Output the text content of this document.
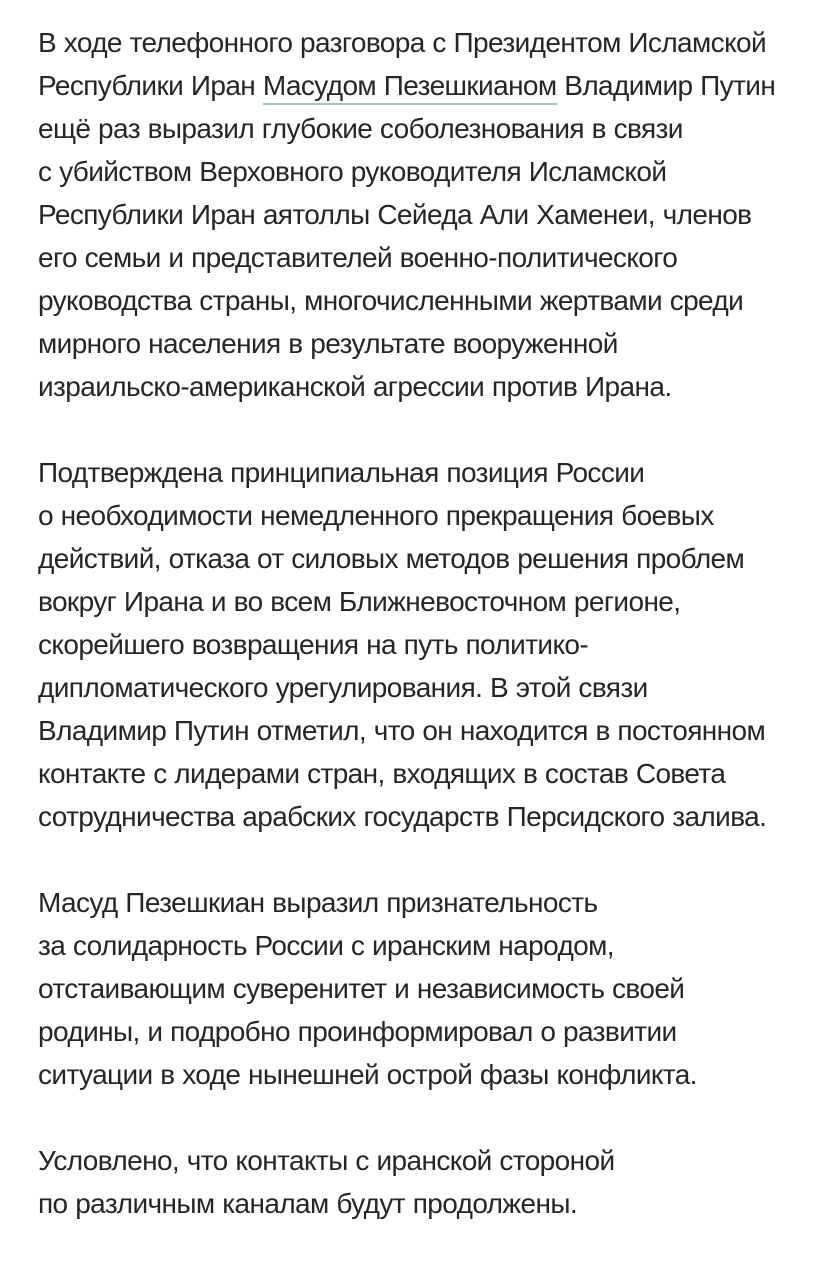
В ходе телефонного разговора с Президентом Исламской
Республики Иран Масудом Пезешкианом Владимир Путин
ещё раз выразил глубокие соболезнования в связи
с убийством Верховного руководителя Исламской
Республики Иран аятоллы Сейеда Али Хаменеи, членов
его семьи и представителей военно-политического
руководства страны, многочисленными жертвами среди
мирного населения в результате вооруженной
израильско-американской агрессии против Ирана.

Подтверждена принципиальная позиция России
о необходимости немедленного прекращения боевых
действий, отказа от силовых методов решения проблем
вокруг Ирана и во всем Ближневосточном регионе,
скорейшего возвращения на путь политико-
дипломатического урегулирования. В этой связи
Владимир Путин отметил, что он находится в постоянном
контакте с лидерами стран, входящих в состав Совета
сотрудничества арабских государств Персидского залива.

Масуд Пезешкиан выразил признательность
за солидарность России с иранским народом,
отстаивающим суверенитет и независимость своей
родины, и подробно проинформировал о развитии
ситуации в ходе нынешней острой фазы конфликта.

Условлено, что контакты с иранской стороной
по различным каналам будут продолжены.
